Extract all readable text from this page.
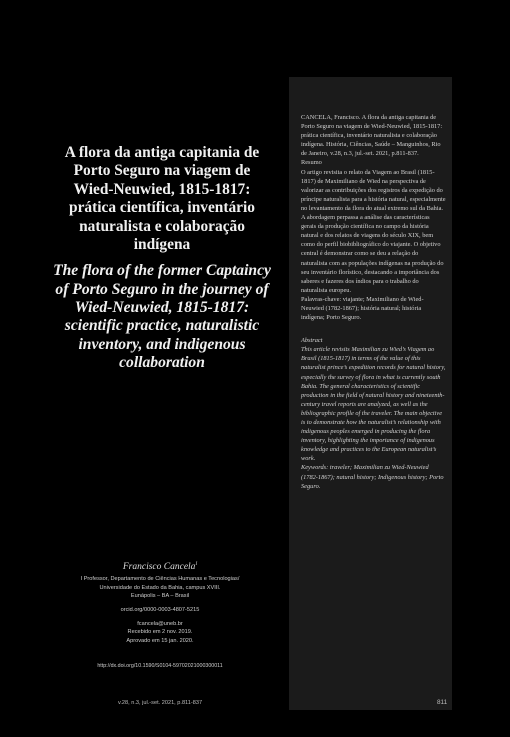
A flora da antiga capitania de Porto Seguro na viagem de Wied-Neuwied, 1815-1817: prática científica, inventário naturalista e colaboração indígena
The flora of the former Captaincy of Porto Seguro in the journey of Wied-Neuwied, 1815-1817: scientific practice, naturalistic inventory, and indigenous collaboration
Francisco Cancela$^I$

I Professor, Departamento de Ciências Humanas e Tecnologias/

Universidade do Estado da Bahia, campus XVIII.

Eunápolis – BA – Brasil

orcid.org/0000-0003-4807-5215

fcancela@uneb.br

Recebido em 2 nov. 2019.

Aprovado em 15 jan. 2020.

http://dx.doi.org/10.1590/S0104-59702021000300011

CANCELA, Francisco. A flora da antiga capitania de Porto Seguro na viagem de Wied-Neuwied, 1815-1817: prática científica, inventário naturalista e colaboração indígena. História, Ciências, Saúde – Manguinhos, Rio de Janeiro, v.28, n.3, jul.-set. 2021, p.811-837.

Resumo

O artigo revisita o relato da Viagem ao Brasil (1815-1817) de Maximiliano de Wied na perspectiva de valorizar as contribuições dos registros da expedição do príncipe naturalista para a história natural, especialmente no levantamento da flora do atual extremo sul da Bahia. A abordagem perpassa a análise das características gerais da produção científica no campo da história natural e dos relatos de viagens do século XIX, bem como do perfil biobibliográfico do viajante. O objetivo central é demonstrar como se deu a relação do naturalista com as populações indígenas na produção do seu inventário florístico, destacando a importância dos saberes e fazeres dos índios para o trabalho do naturalista europeu.

Palavras-chave: viajante; Maximiliano de Wied-Neuwied (1782-1867); história natural; história indígena; Porto Seguro.

Abstract

This article revisits Maximilian zu Wied’s Viagem ao Brasil (1815-1817) in terms of the value of this naturalist prince’s expedition records for natural history, especially the survey of flora in what is currently south Bahia. The general characteristics of scientific production in the field of natural history and nineteenth-century travel reports are analyzed, as well as the bibliographic profile of the traveler. The main objective is to demonstrate how the naturalist’s relationship with indigenous peoples emerged in producing the flora inventory, highlighting the importance of indigenous knowledge and practices to the European naturalist’s work.

Keywords: traveler; Maximilian zu Wied-Neuwied (1782-1867); natural history; Indigenous history; Porto Seguro.

v.28, n.3, jul.-set. 2021, p.811-837	811
